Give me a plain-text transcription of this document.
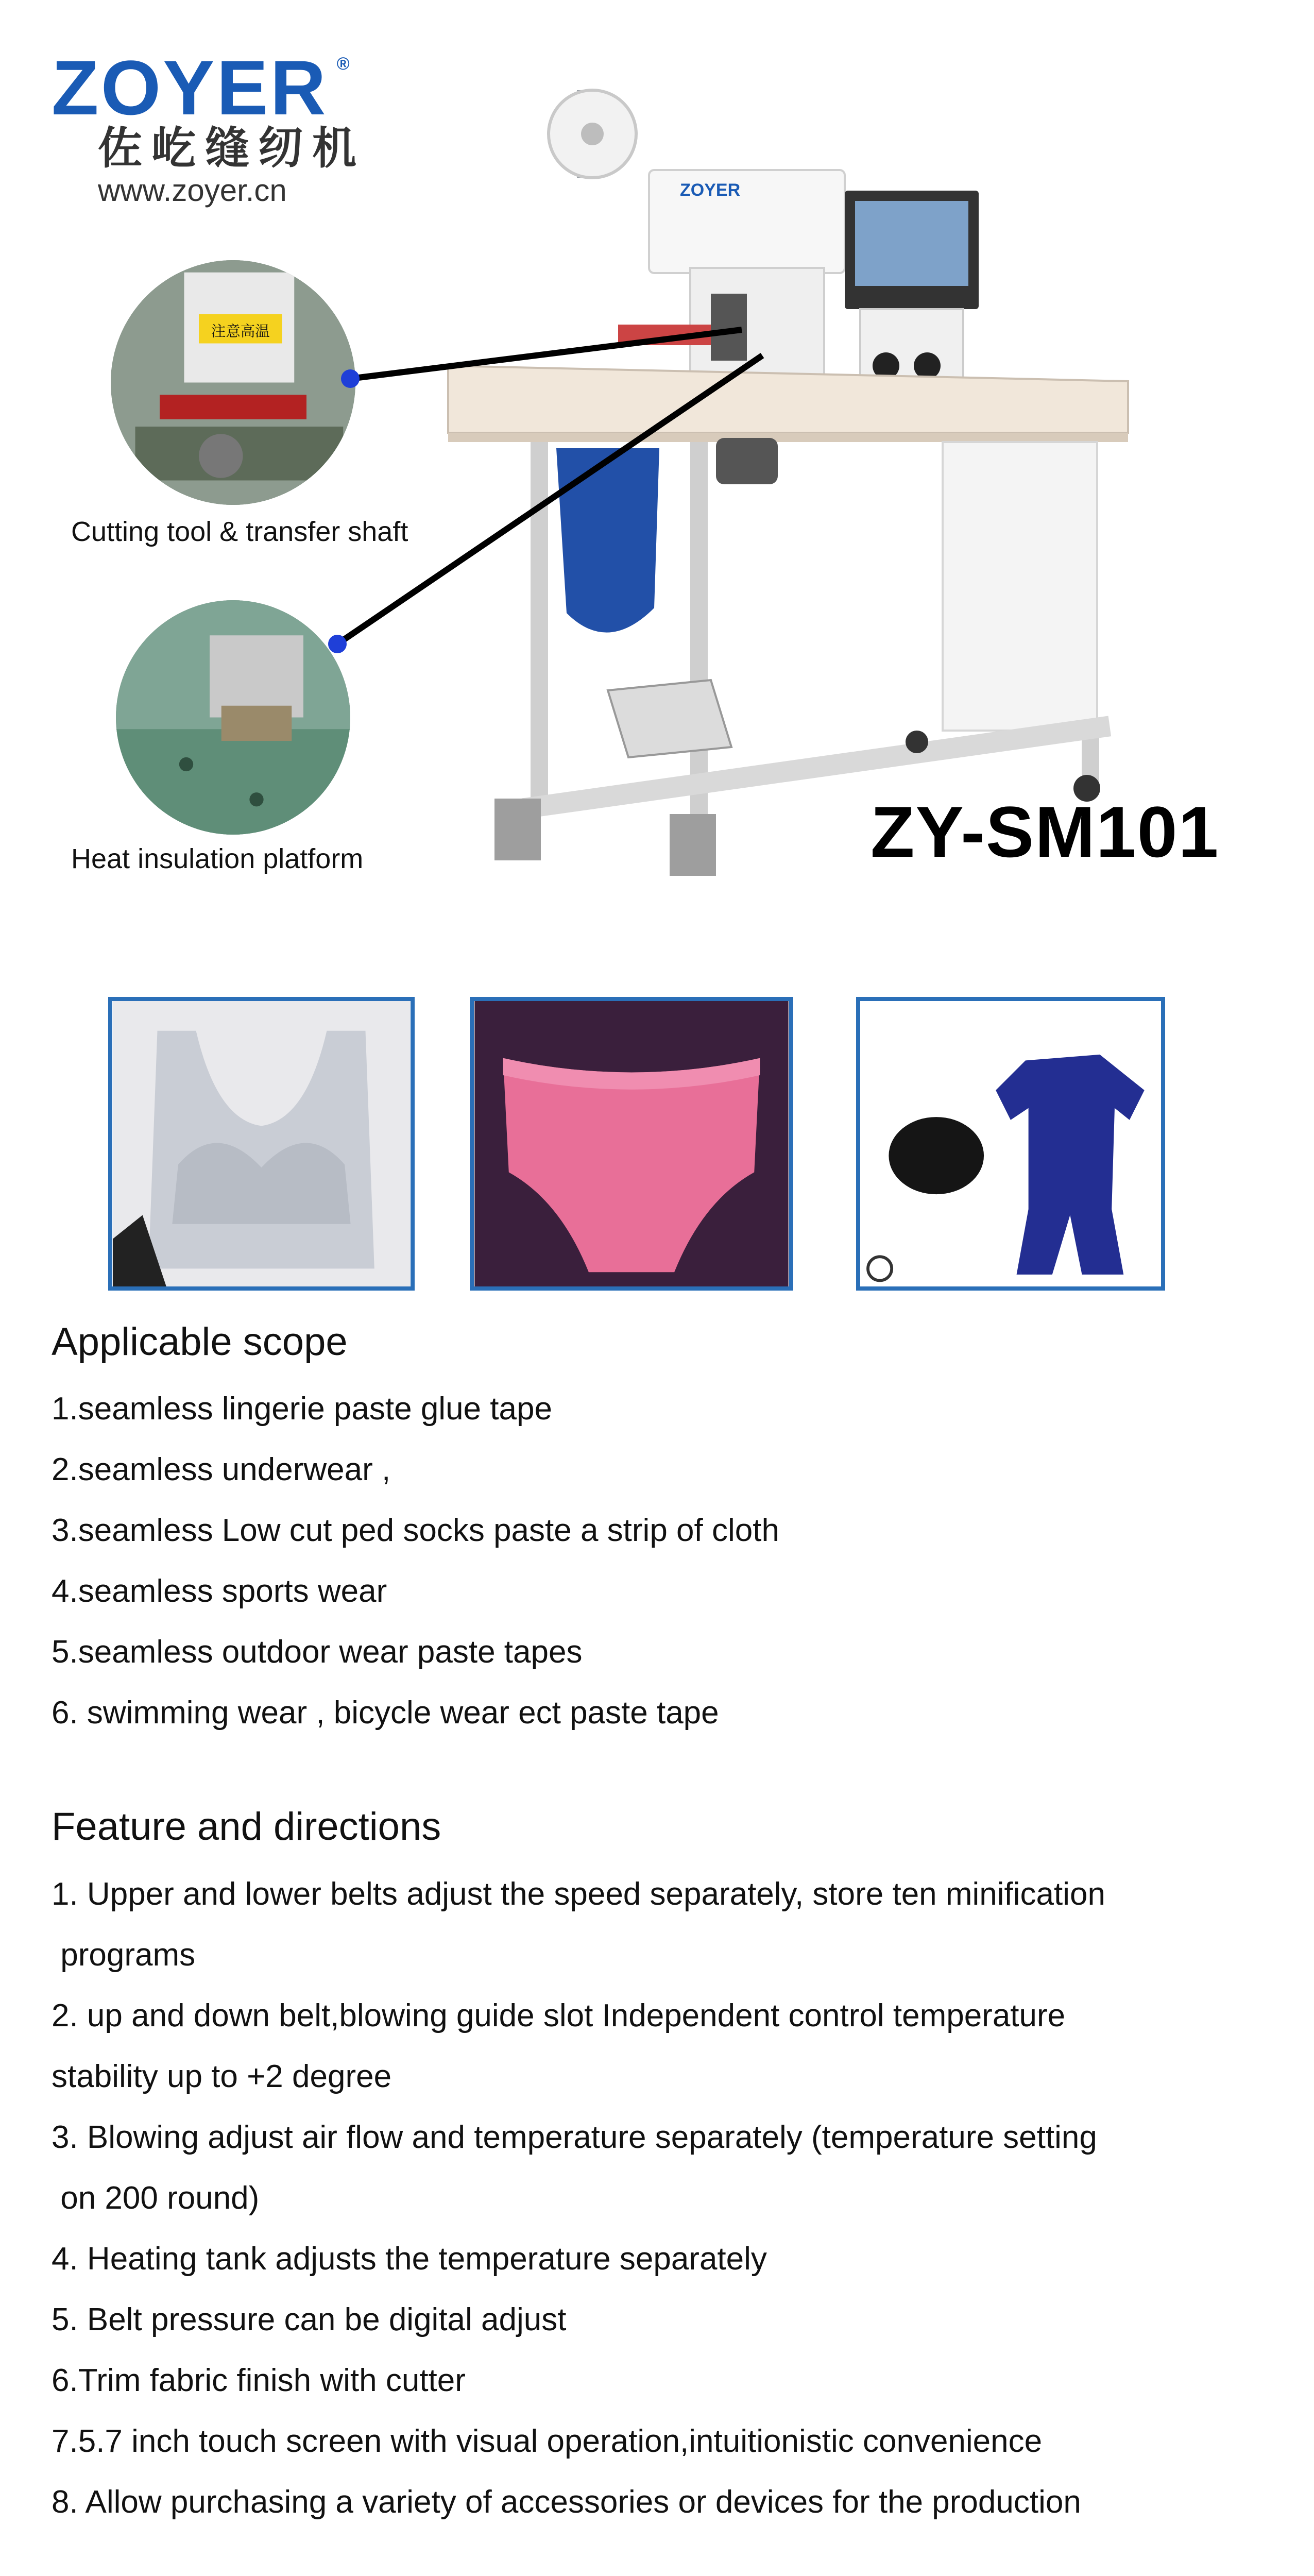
ZOYER ®
佐屹缝纫机
www.zoyer.cn	ZOYER
注意高温
Cutting tool & transfer shaft
Heat insulation platform	ZY-SM101
Applicable scope
1.seamless lingerie paste glue tape
2.seamless underwear ,
3.seamless Low cut ped socks paste a strip of cloth
4.seamless sports wear
5.seamless outdoor wear paste tapes
6. swimming wear , bicycle wear ect paste tape
Feature and directions
1. Upper and lower belts adjust the speed separately, store ten minification
programs
2. up and down belt,blowing guide slot Independent control temperature
stability up to +2 degree
3. Blowing adjust air flow and temperature separately (temperature setting
on 200 round)
4. Heating tank adjusts the temperature separately
5. Belt pressure can be digital adjust
6.Trim fabric finish with cutter
7.5.7 inch touch screen with visual operation,intuitionistic convenience
8. Allow purchasing a variety of accessories or devices for the production
